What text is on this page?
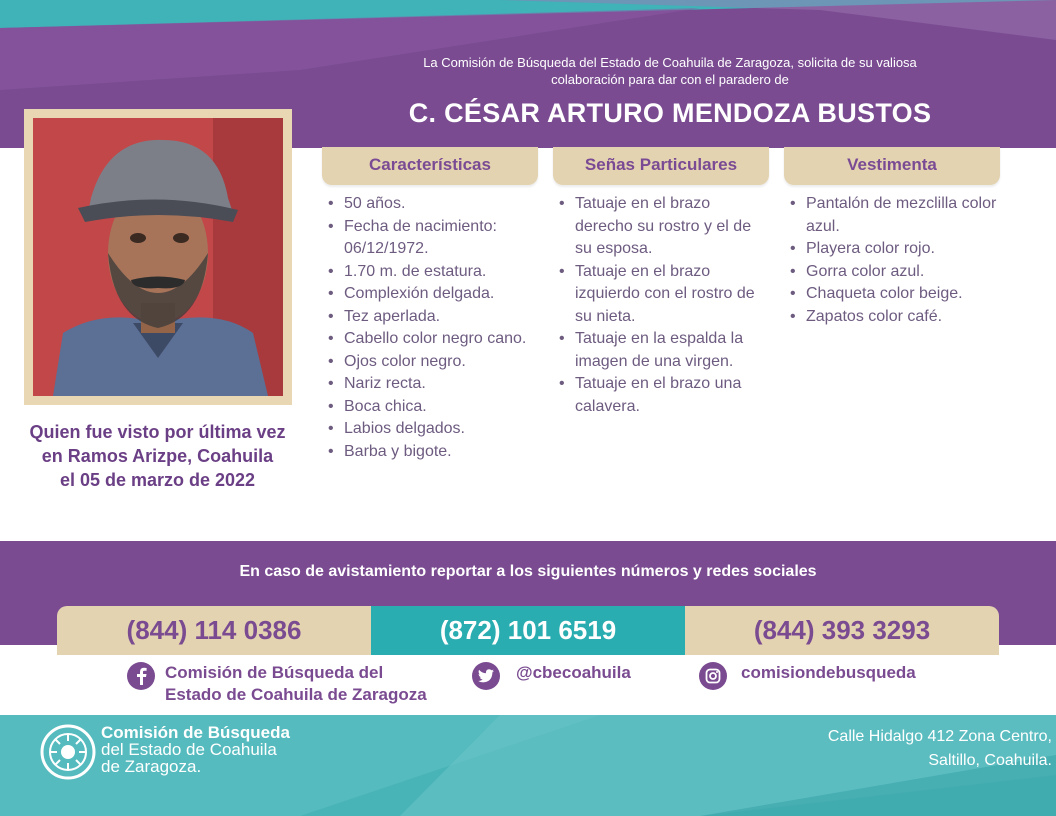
La Comisión de Búsqueda del Estado de Coahuila de Zaragoza, solicita de su valiosa
colaboración para dar con el paradero de
C. CÉSAR ARTURO MENDOZA BUSTOS
Quien fue visto por última vez
en Ramos Arizpe, Coahuila
el 05 de marzo de 2022
Características
• 50 años.
• Fecha de nacimiento: 06/12/1972.
• 1.70 m. de estatura.
• Complexión delgada.
• Tez aperlada.
• Cabello color negro cano.
• Ojos color negro.
• Nariz recta.
• Boca chica.
• Labios delgados.
• Barba y bigote.
Señas Particulares
• Tatuaje en el brazo derecho su rostro y el de su esposa.
• Tatuaje en el brazo izquierdo con el rostro de su nieta.
• Tatuaje en la espalda la imagen de una virgen.
• Tatuaje en el brazo una calavera.
Vestimenta
• Pantalón de mezclilla color azul.
• Playera color rojo.
• Gorra color azul.
• Chaqueta color beige.
• Zapatos color café.
En caso de avistamiento reportar a los siguientes números y redes sociales
(844) 114 0386	(872) 101 6519	(844) 393 3293
Comisión de Búsqueda del
Estado de Coahuila de Zaragoza
@cbecoahuila	comisiondebusqueda
Comisión de Búsqueda
del Estado de Coahuila
de Zaragoza.
Calle Hidalgo 412 Zona Centro,
Saltillo, Coahuila.
